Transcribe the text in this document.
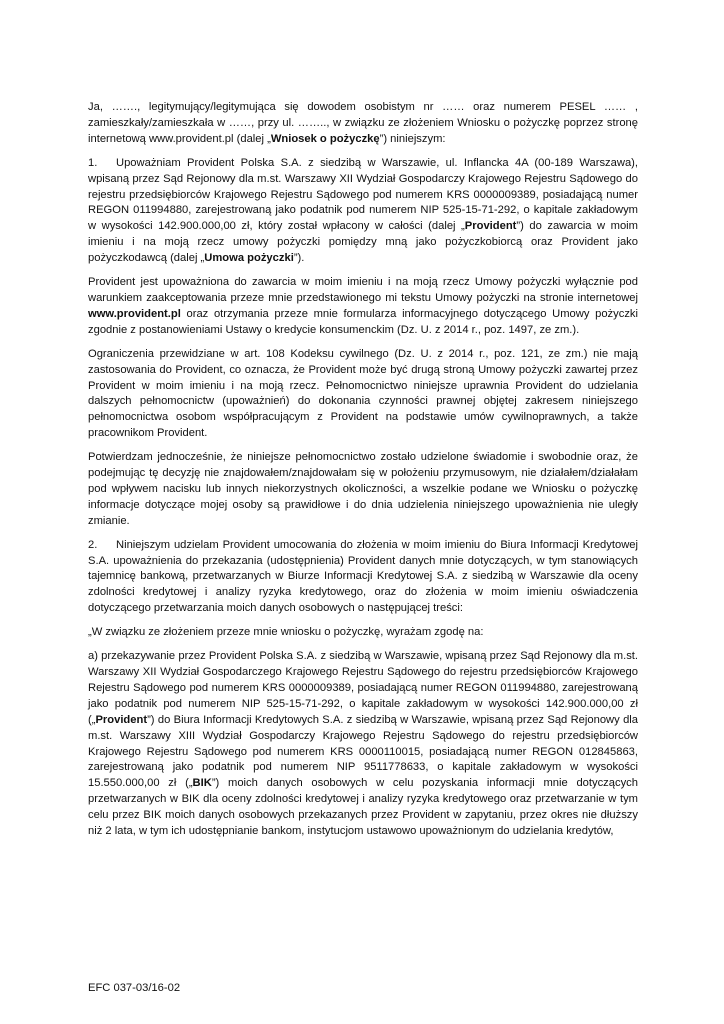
Ja, ……., legitymujący/legitymująca się dowodem osobistym nr …… oraz numerem PESEL …… , zamieszkały/zamieszkała w ……, przy ul. …….., w związku ze złożeniem Wniosku o pożyczkę poprzez stronę internetową www.provident.pl (dalej „Wniosek o pożyczkę”) niniejszym:

1. Upoważniam Provident Polska S.A. z siedzibą w Warszawie, ul. Inflancka 4A (00-189 Warszawa), wpisaną przez Sąd Rejonowy dla m.st. Warszawy XII Wydział Gospodarczy Krajowego Rejestru Sądowego do rejestru przedsiębiorców Krajowego Rejestru Sądowego pod numerem KRS 0000009389, posiadającą numer REGON 011994880, zarejestrowaną jako podatnik pod numerem NIP 525-15-71-292, o kapitale zakładowym w wysokości 142.900.000,00 zł, który został wpłacony w całości (dalej „Provident”) do zawarcia w moim imieniu i na moją rzecz umowy pożyczki pomiędzy mną jako pożyczkobiorcą oraz Provident jako pożyczkodawcą (dalej „Umowa pożyczki”).

Provident jest upoważniona do zawarcia w moim imieniu i na moją rzecz Umowy pożyczki wyłącznie pod warunkiem zaakceptowania przeze mnie przedstawionego mi tekstu Umowy pożyczki na stronie internetowej www.provident.pl oraz otrzymania przeze mnie formularza informacyjnego dotyczącego Umowy pożyczki zgodnie z postanowieniami Ustawy o kredycie konsumenckim (Dz. U. z 2014 r., poz. 1497, ze zm.).

Ograniczenia przewidziane w art. 108 Kodeksu cywilnego (Dz. U. z 2014 r., poz. 121, ze zm.) nie mają zastosowania do Provident, co oznacza, że Provident może być drugą stroną Umowy pożyczki zawartej przez Provident w moim imieniu i na moją rzecz. Pełnomocnictwo niniejsze uprawnia Provident do udzielania dalszych pełnomocnictw (upoważnień) do dokonania czynności prawnej objętej zakresem niniejszego pełnomocnictwa osobom współpracującym z Provident na podstawie umów cywilnoprawnych, a także pracownikom Provident.

Potwierdzam jednocześnie, że niniejsze pełnomocnictwo zostało udzielone świadomie i swobodnie oraz, że podejmując tę decyzję nie znajdowałem/znajdowałam się w położeniu przymusowym, nie działałem/działałam pod wpływem nacisku lub innych niekorzystnych okoliczności, a wszelkie podane we Wniosku o pożyczkę informacje dotyczące mojej osoby są prawidłowe i do dnia udzielenia niniejszego upoważnienia nie uległy zmianie.

2. Niniejszym udzielam Provident umocowania do złożenia w moim imieniu do Biura Informacji Kredytowej S.A. upoważnienia do przekazania (udostępnienia) Provident danych mnie dotyczących, w tym stanowiących tajemnicę bankową, przetwarzanych w Biurze Informacji Kredytowej S.A. z siedzibą w Warszawie dla oceny zdolności kredytowej i analizy ryzyka kredytowego, oraz do złożenia w moim imieniu oświadczenia dotyczącego przetwarzania moich danych osobowych o następującej treści:

„W związku ze złożeniem przeze mnie wniosku o pożyczkę, wyrażam zgodę na:

a) przekazywanie przez Provident Polska S.A. z siedzibą w Warszawie, wpisaną przez Sąd Rejonowy dla m.st. Warszawy XII Wydział Gospodarczego Krajowego Rejestru Sądowego do rejestru przedsiębiorców Krajowego Rejestru Sądowego pod numerem KRS 0000009389, posiadającą numer REGON 011994880, zarejestrowaną jako podatnik pod numerem NIP 525-15-71-292, o kapitale zakładowym w wysokości 142.900.000,00 zł („Provident”) do Biura Informacji Kredytowych S.A. z siedzibą w Warszawie, wpisaną przez Sąd Rejonowy dla m.st. Warszawy XIII Wydział Gospodarczy Krajowego Rejestru Sądowego do rejestru przedsiębiorców Krajowego Rejestru Sądowego pod numerem KRS 0000110015, posiadającą numer REGON 012845863, zarejestrowaną jako podatnik pod numerem NIP 9511778633, o kapitale zakładowym w wysokości 15.550.000,00 zł („BIK”) moich danych osobowych w celu pozyskania informacji mnie dotyczących przetwarzanych w BIK dla oceny zdolności kredytowej i analizy ryzyka kredytowego oraz przetwarzanie w tym celu przez BIK moich danych osobowych przekazanych przez Provident w zapytaniu, przez okres nie dłuższy niż 2 lata, w tym ich udostępnianie bankom, instytucjom ustawowo upoważnionym do udzielania kredytów,

EFC 037-03/16-02
